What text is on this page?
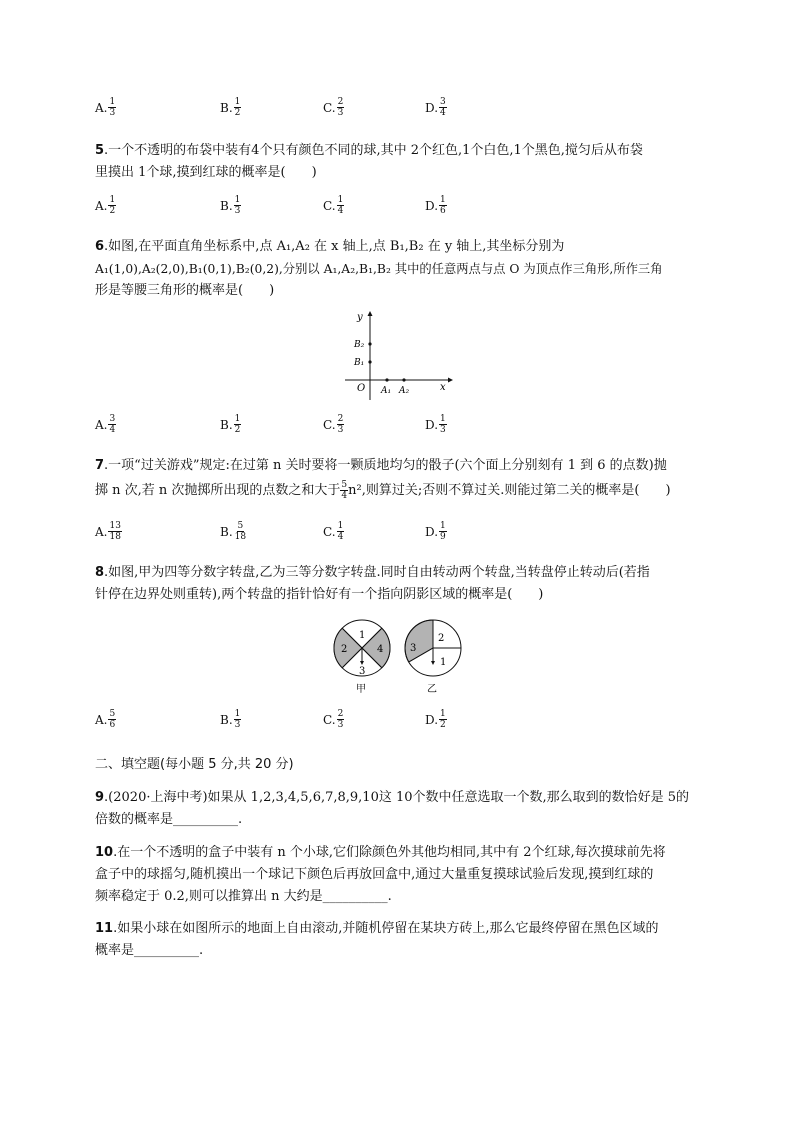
A. $\frac{1}{3}$	B. $\frac{1}{2}$	C. $\frac{2}{3}$	D. $\frac{3}{4}$
5.一个不透明的布袋中装有4个只有颜色不同的球,其中 2个红色,1个白色,1个黑色,搅匀后从布袋
里摸出 1个球,摸到红球的概率是(　　)
A. $\frac{1}{2}$	B. $\frac{1}{3}$	C. $\frac{1}{4}$	D. $\frac{1}{6}$
6.如图,在平面直角坐标系中,点 A₁,A₂ 在 x 轴上,点 B₁,B₂ 在 y 轴上,其坐标分别为
A₁(1,0),A₂(2,0),B₁(0,1),B₂(0,2),分别以 A₁,A₂,B₁,B₂ 其中的任意两点与点 O 为顶点作三角形,所作三角
形是等腰三角形的概率是(　　)
y
x
O
B₂
B₁
A₁ A₂
A. $\frac{3}{4}$	B. $\frac{1}{2}$	C. $\frac{2}{3}$	D. $\frac{1}{3}$
7.一项“过关游戏”规定:在过第 n 关时要将一颗质地均匀的骰子(六个面上分别刻有 1 到 6 的点数)抛
掷 n 次,若 n 次抛掷所出现的点数之和大于 $\frac{5}{4} n^2$,则算过关;否则不算过关.则能过第二关的概率是(　　)
A. $\frac{13}{18}$	B. $\frac{5}{18}$	C. $\frac{1}{4}$	D. $\frac{1}{9}$
8.如图,甲为四等分数字转盘,乙为三等分数字转盘.同时自由转动两个转盘,当转盘停止转动后(若指
针停在边界处则重转),两个转盘的指针恰好有一个指向阴影区域的概率是(　　)
1
2
3
4
甲
2
3
1
乙
A. $\frac{5}{6}$	B. $\frac{1}{3}$	C. $\frac{2}{3}$	D. $\frac{1}{2}$
二、填空题(每小题 5 分,共 20 分)
9.(2020·上海中考)如果从 1,2,3,4,5,6,7,8,9,10这 10个数中任意选取一个数,那么取到的数恰好是 5的
倍数的概率是__________.
10.在一个不透明的盒子中装有 n 个小球,它们除颜色外其他均相同,其中有 2个红球,每次摸球前先将
盒子中的球摇匀,随机摸出一个球记下颜色后再放回盒中,通过大量重复摸球试验后发现,摸到红球的
频率稳定于 0.2,则可以推算出 n 大约是__________.
11.如果小球在如图所示的地面上自由滚动,并随机停留在某块方砖上,那么它最终停留在黑色区域的
概率是__________.
